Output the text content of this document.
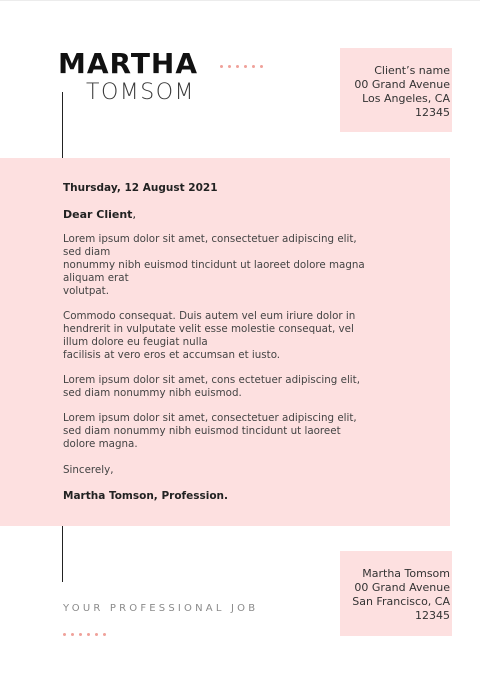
MARTHA
TOMSOM
Client’s name
00 Grand Avenue
Los Angeles, CA
12345
Thursday, 12 August 2021
Dear Client,

Lorem ipsum dolor sit amet, consectetuer adipiscing elit,
sed diam
nonummy nibh euismod tincidunt ut laoreet dolore magna
aliquam erat
volutpat.

Commodo consequat. Duis autem vel eum iriure dolor in
hendrerit in vulputate velit esse molestie consequat, vel
illum dolore eu feugiat nulla
facilisis at vero eros et accumsan et iusto.

Lorem ipsum dolor sit amet, cons ectetuer adipiscing elit,
sed diam nonummy nibh euismod.

Lorem ipsum dolor sit amet, consectetuer adipiscing elit,
sed diam nonummy nibh euismod tincidunt ut laoreet
dolore magna.

Sincerely,
Martha Tomson, Profession.
Martha Tomsom
00 Grand Avenue
San Francisco, CA
12345
YOUR PROFESSIONAL JOB
